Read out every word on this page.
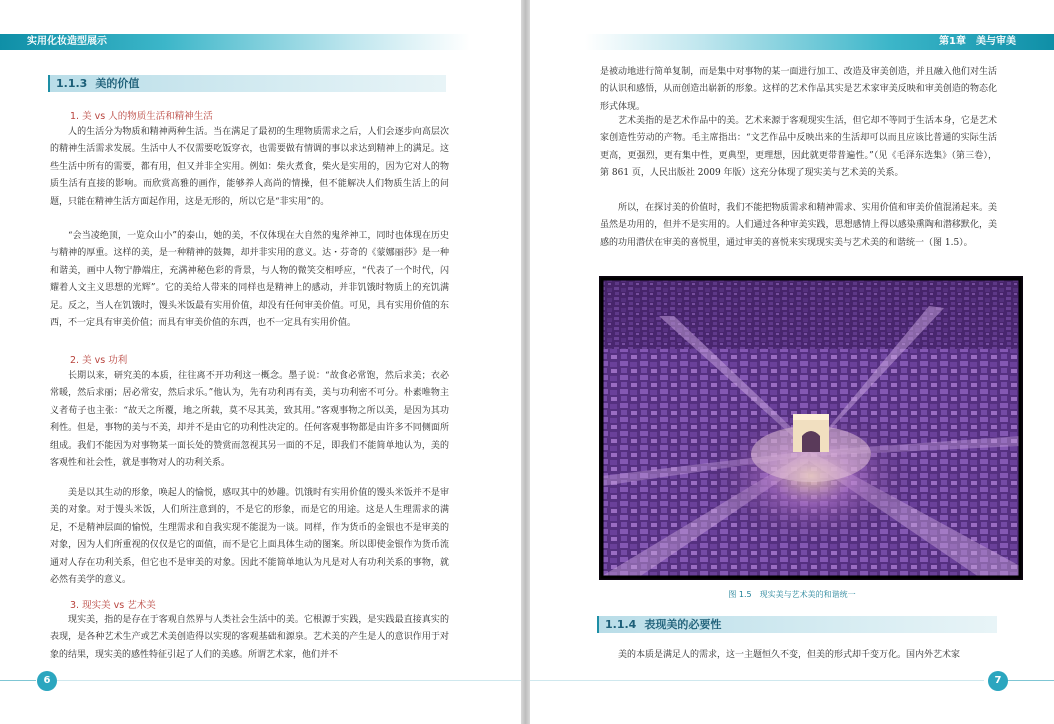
实用化妆造型展示
1.1.3 美的价值
1. 美 vs 人的物质生活和精神生活

人的生活分为物质和精神两种生活。当在满足了最初的生理物质需求之后，人们会逐步向高层次的精神生活需求发展。生活中人不仅需要吃饭穿衣，也需要做有情调的事以求达到精神上的满足。这些生活中所有的需要，都有用，但又并非全实用。例如：柴火煮食，柴火是实用的，因为它对人的物质生活有直接的影响。而欣赏高雅的画作，能够养人高尚的情操，但不能解决人们物质生活上的问题，只能在精神生活方面起作用，这是无形的，所以它是“非实用”的。

“会当凌绝顶，一览众山小”的泰山，她的美，不仅体现在大自然的鬼斧神工，同时也体现在历史与精神的厚重。这样的美，是一种精神的鼓舞，却并非实用的意义。达・芬奇的《蒙娜丽莎》是一种和谐美，画中人物宁静端庄，充满神秘色彩的背景，与人物的微笑交相呼应，“代表了一个时代，闪耀着人文主义思想的光辉”。它的美给人带来的同样也是精神上的感动，并非饥饿时物质上的充饥满足。反之，当人在饥饿时，馒头米饭最有实用价值，却没有任何审美价值。可见，具有实用价值的东西，不一定具有审美价值；而具有审美价值的东西，也不一定具有实用价值。

2. 美 vs 功利

长期以来，研究美的本质，往往离不开功利这一概念。墨子说：“故食必常饱，然后求美；衣必常暖，然后求丽；居必常安，然后求乐。”他认为，先有功利再有美，美与功利密不可分。朴素唯物主义者荀子也主张：“故天之所覆，地之所载，莫不尽其美，致其用。”客观事物之所以美，是因为其功利性。但是，事物的美与不美，却并不是由它的功利性决定的。任何客观事物都是由许多不同侧面所组成。我们不能因为对事物某一面长处的赞赏而忽视其另一面的不足，即我们不能简单地认为，美的客观性和社会性，就是事物对人的功利关系。

美是以其生动的形象，唤起人的愉悦，感叹其中的妙趣。饥饿时有实用价值的馒头米饭并不是审美的对象。对于馒头米饭，人们所注意到的，不是它的形象，而是它的用途。这是人生理需求的满足，不是精神层面的愉悦，生理需求和自我实现不能混为一谈。同样，作为货币的金银也不是审美的对象，因为人们所重视的仅仅是它的面值，而不是它上面具体生动的图案。所以即使金银作为货币流通对人存在功利关系，但它也不是审美的对象。因此不能简单地认为凡是对人有功利关系的事物，就必然有美学的意义。

3. 现实美 vs 艺术美

现实美，指的是存在于客观自然界与人类社会生活中的美。它根源于实践，是实践最直接真实的表现，是各种艺术生产或艺术美创造得以实现的客观基础和源泉。艺术美的产生是人的意识作用于对象的结果，现实美的感性特征引起了人们的美感。所谓艺术家，他们并不

6
第1章　美与审美

是被动地进行简单复制，而是集中对事物的某一面进行加工、改造及审美创造，并且融入他们对生活的认识和感悟，从而创造出崭新的形象。这样的艺术作品其实是艺术家审美反映和审美创造的物态化形式体现。

艺术美指的是艺术作品中的美。艺术来源于客观现实生活，但它却不等同于生活本身，它是艺术家创造性劳动的产物。毛主席指出：“文艺作品中反映出来的生活却可以而且应该比普通的实际生活更高，更强烈，更有集中性，更典型，更理想，因此就更带普遍性。”（见《毛泽东选集》（第三卷），第 861 页，人民出版社 2009 年版）这充分体现了现实美与艺术美的关系。

所以，在探讨美的价值时，我们不能把物质需求和精神需求、实用价值和审美价值混淆起来。美虽然是功用的，但并不是实用的。人们通过各种审美实践，思想感情上得以感染熏陶和潜移默化，美感的功用潜伏在审美的喜悦里，通过审美的喜悦来实现现实美与艺术美的和谐统一（图 1.5）。

图 1.5　现实美与艺术美的和谐统一
1.1.4 表现美的必要性

美的本质是满足人的需求，这一主题恒久不变，但美的形式却千变万化。国内外艺术家

7
